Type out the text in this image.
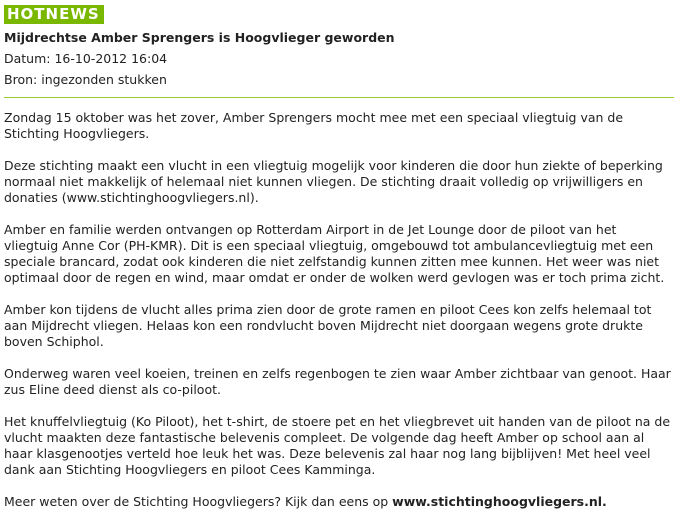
HOTNEWS
Mijdrechtse Amber Sprengers is Hoogvlieger geworden
Datum:
16-10-2012 16:04
Bron:
ingezonden stukken

Zondag 15 oktober was het zover, Amber Sprengers mocht mee met een speciaal vliegtuig van de Stichting Hoogvliegers.

Deze stichting maakt een vlucht in een vliegtuig mogelijk voor kinderen die door hun ziekte of beperking normaal niet makkelijk of helemaal niet kunnen vliegen. De stichting draait volledig op vrijwilligers en donaties (www.stichtinghoogvliegers.nl).

Amber en familie werden ontvangen op Rotterdam Airport in de Jet Lounge door de piloot van het vliegtuig Anne Cor (PH-KMR). Dit is een speciaal vliegtuig, omgebouwd tot ambulancevliegtuig met een speciale brancard, zodat ook kinderen die niet zelfstandig kunnen zitten mee kunnen. Het weer was niet optimaal door de regen en wind, maar omdat er onder de wolken werd gevlogen was er toch prima zicht.

Amber kon tijdens de vlucht alles prima zien door de grote ramen en piloot Cees kon zelfs helemaal tot aan Mijdrecht vliegen. Helaas kon een rondvlucht boven Mijdrecht niet doorgaan wegens grote drukte boven Schiphol.

Onderweg waren veel koeien, treinen en zelfs regenbogen te zien waar Amber zichtbaar van genoot. Haar zus Eline deed dienst als co-piloot.

Het knuffelvliegtuig (Ko Piloot), het t-shirt, de stoere pet en het vliegbrevet uit handen van de piloot na de vlucht maakten deze fantastische belevenis compleet. De volgende dag heeft Amber op school aan al haar klasgenootjes verteld hoe leuk het was. Deze belevenis zal haar nog lang bijblijven! Met heel veel dank aan Stichting Hoogvliegers en piloot Cees Kamminga.

Meer weten over de Stichting Hoogvliegers? Kijk dan eens op www.stichtinghoogvliegers.nl.
